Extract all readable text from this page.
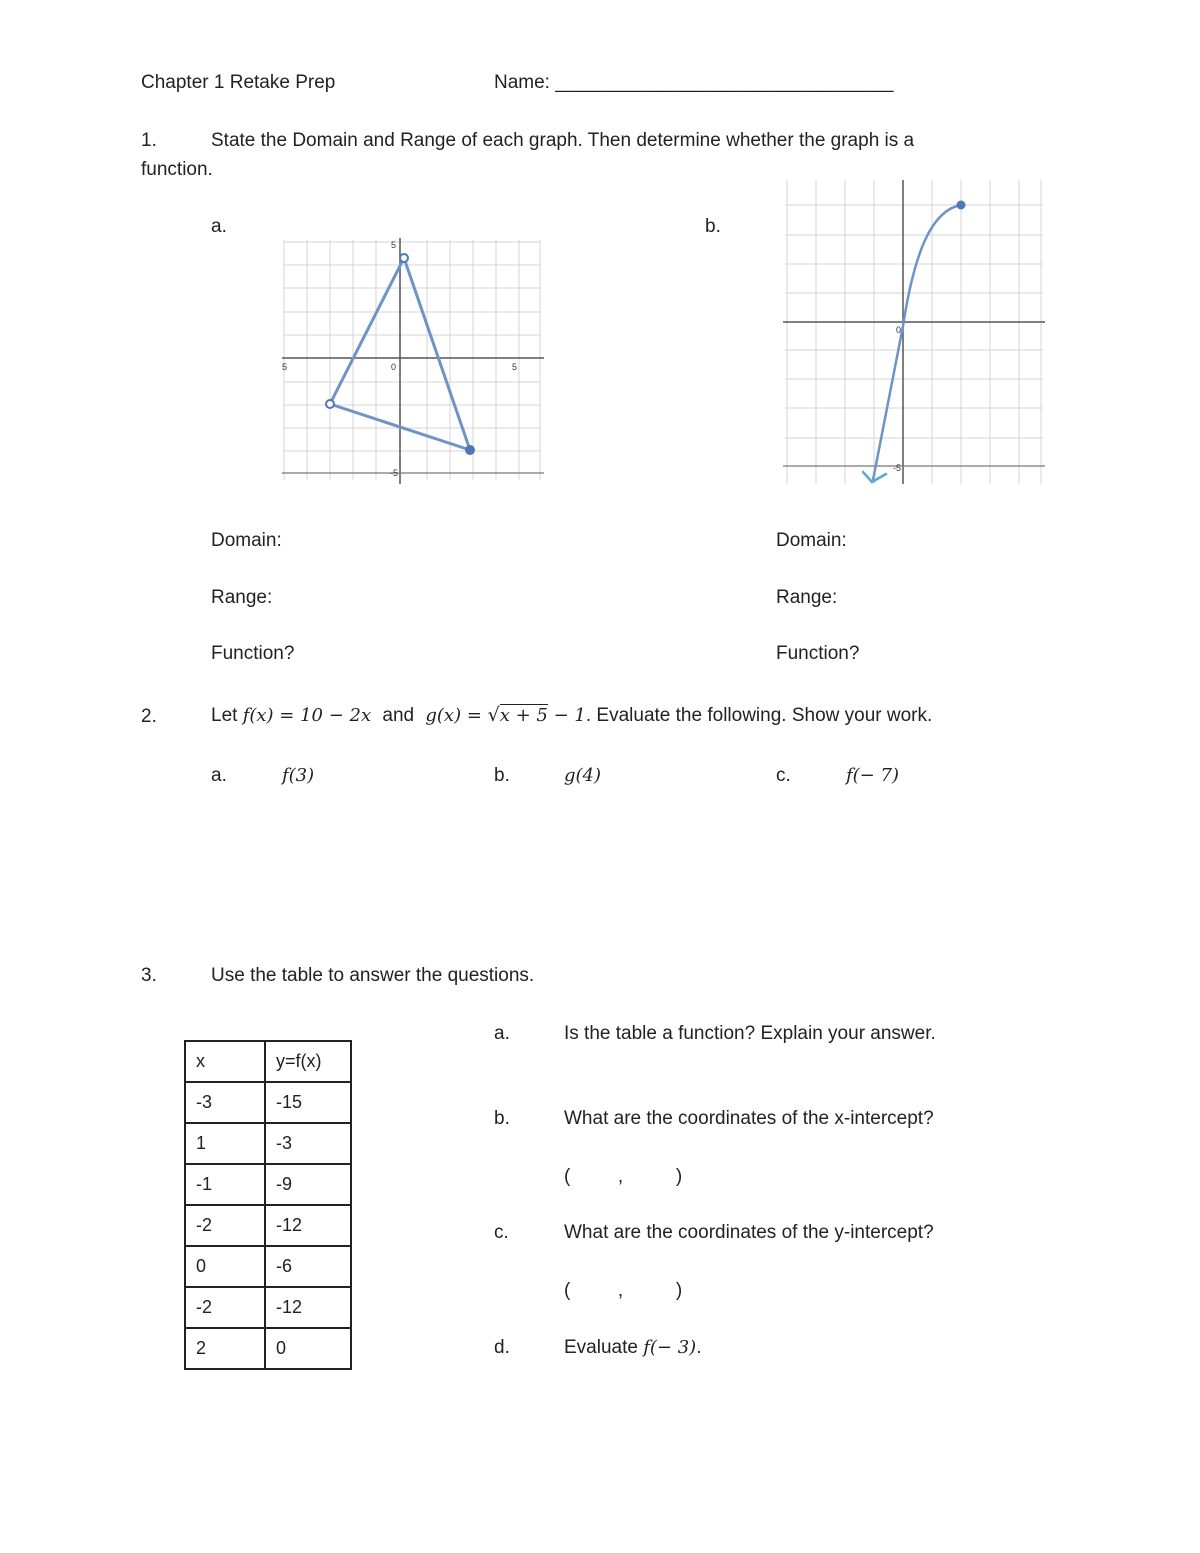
Chapter 1 Retake Prep	Name: ________________________________
1.	State the Domain and Range of each graph. Then determine whether the graph is a
function.
a.	b.
5
5	0	5
-5
0
-5
Domain:
Range:
Function?
Domain:
Range:
Function?
2.	Let f(x) = 10 − 2x and g(x) = √x + 5 − 1. Evaluate the following. Show your work.
a.	f(3)	b.	g(4)	c.	f(− 7)
3.	Use the table to answer the questions.
x	y=f(x)
-3	-15
1	-3
-1	-9
-2	-12
0	-6
-2	-12
2	0
a.	Is the table a function? Explain your answer.
b.	What are the coordinates of the x-intercept?
(         ,          )
c.	What are the coordinates of the y-intercept?
(         ,          )
d.	Evaluate f(− 3).
